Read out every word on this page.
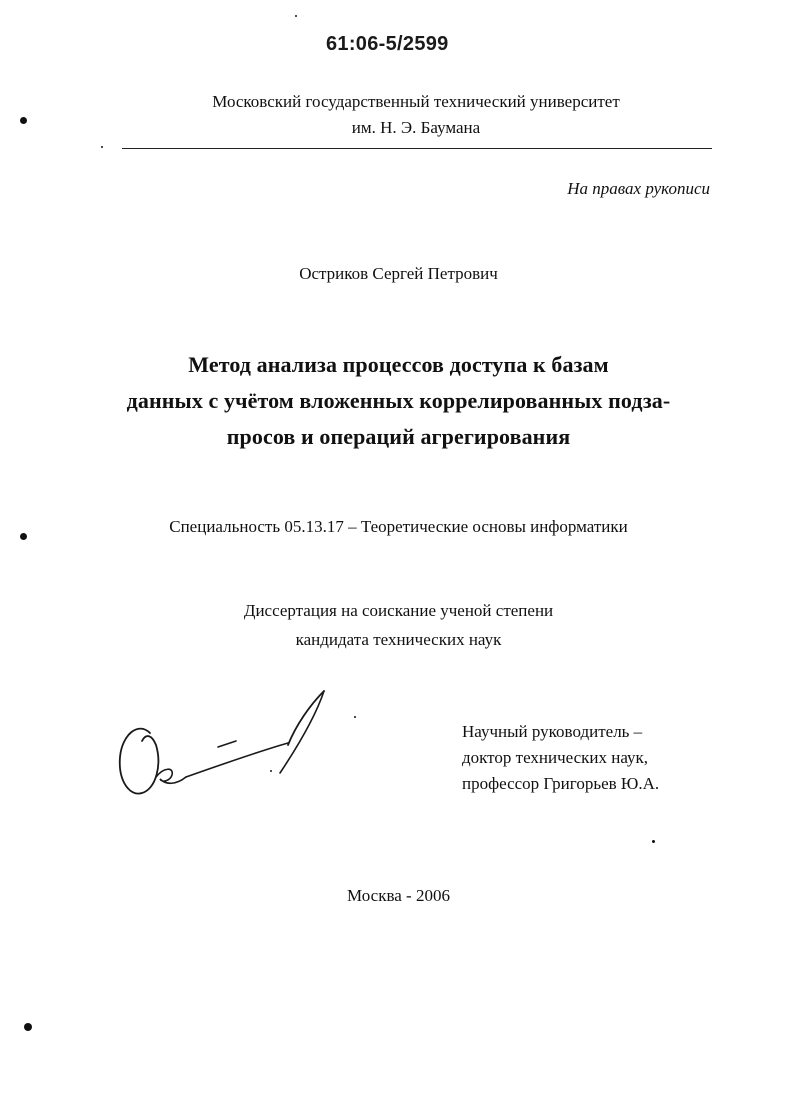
61:06-5/2599
Московский государственный технический университет
им. Н. Э. Баумана
На правах рукописи
Остриков Сергей Петрович
Метод анализа процессов доступа к базам
данных с учётом вложенных коррелированных подза-
просов и операций агрегирования
Специальность 05.13.17 – Теоретические основы информатики
Диссертация на соискание ученой степени
кандидата технических наук
Научный руководитель –
доктор технических наук,
профессор Григорьев Ю.А.
Москва - 2006
